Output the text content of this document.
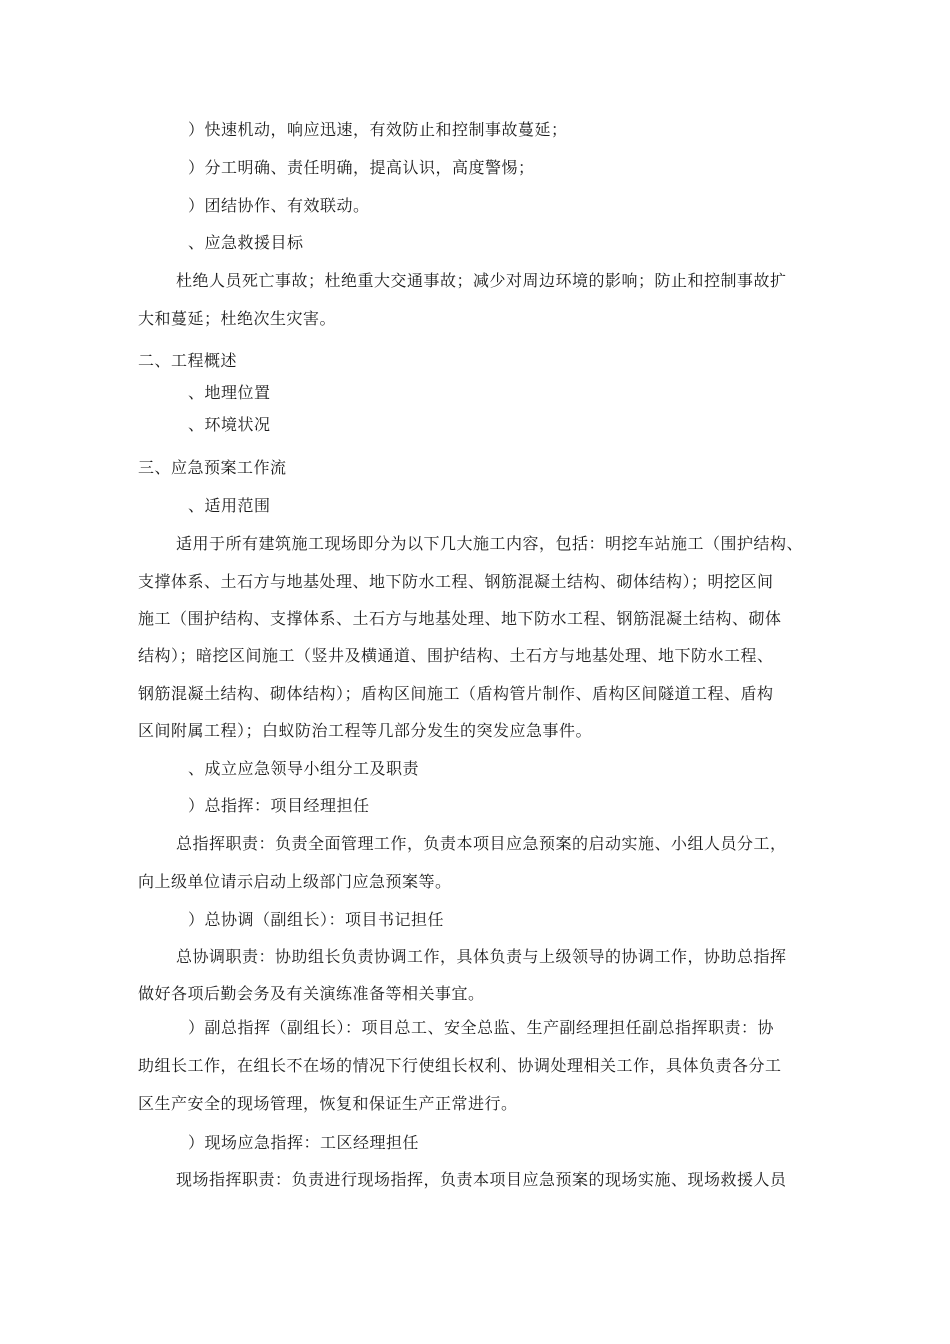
）快速机动，响应迅速，有效防止和控制事故蔓延；
）分工明确、责任明确，提高认识，高度警惕；
）团结协作、有效联动。
、应急救援目标
杜绝人员死亡事故；杜绝重大交通事故；减少对周边环境的影响；防止和控制事故扩
大和蔓延；杜绝次生灾害。
二、工程概述
、地理位置
、环境状况
三、应急预案工作流
、适用范围
适用于所有建筑施工现场即分为以下几大施工内容，包括：明挖车站施工（围护结构、
支撑体系、土石方与地基处理、地下防水工程、钢筋混凝土结构、砌体结构）；明挖区间
施工（围护结构、支撑体系、土石方与地基处理、地下防水工程、钢筋混凝土结构、砌体
结构）；暗挖区间施工（竖井及横通道、围护结构、土石方与地基处理、地下防水工程、
钢筋混凝土结构、砌体结构）；盾构区间施工（盾构管片制作、盾构区间隧道工程、盾构
区间附属工程）；白蚁防治工程等几部分发生的突发应急事件。
、成立应急领导小组分工及职责
）总指挥：项目经理担任
总指挥职责：负责全面管理工作，负责本项目应急预案的启动实施、小组人员分工，
向上级单位请示启动上级部门应急预案等。
）总协调（副组长）：项目书记担任
总协调职责：协助组长负责协调工作，具体负责与上级领导的协调工作，协助总指挥
做好各项后勤会务及有关演练准备等相关事宜。
）副总指挥（副组长）：项目总工、安全总监、生产副经理担任副总指挥职责：协
助组长工作，在组长不在场的情况下行使组长权利、协调处理相关工作，具体负责各分工
区生产安全的现场管理，恢复和保证生产正常进行。
）现场应急指挥：工区经理担任
现场指挥职责：负责进行现场指挥，负责本项目应急预案的现场实施、现场救援人员
